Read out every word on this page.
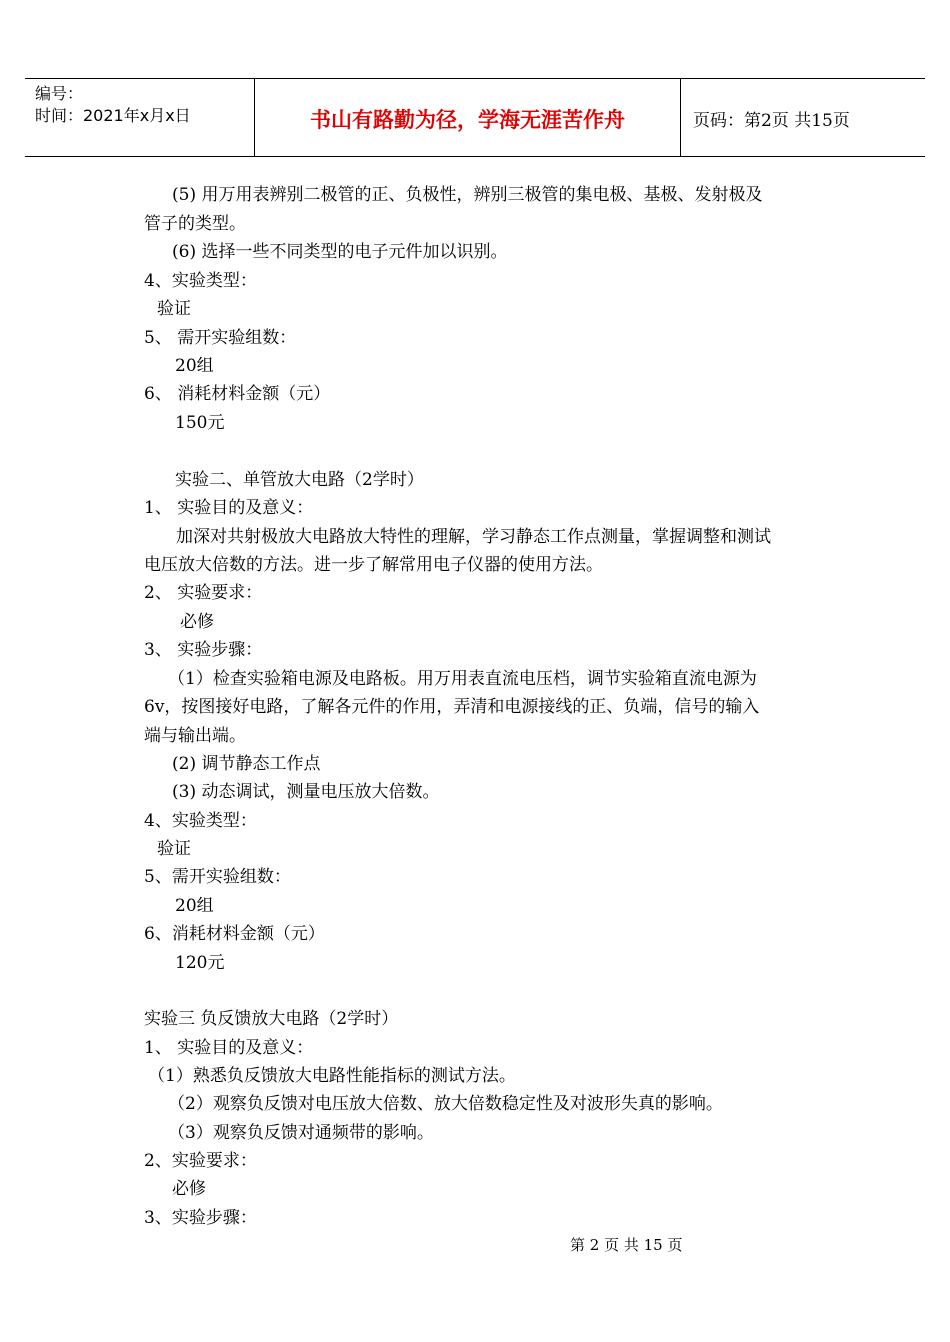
编号：
时间：2021年x月x日	书山有路勤为径，学海无涯苦作舟	页码：第2页 共15页
(5) 用万用表辨别二极管的正、负极性，辨别三极管的集电极、基极、发射极及
管子的类型。
(6) 选择一些不同类型的电子元件加以识别。
4、实验类型：
验证
5、 需开实验组数：
20组
6、 消耗材料金额（元）
150元
实验二、单管放大电路（2学时）
1、 实验目的及意义：
加深对共射极放大电路放大特性的理解，学习静态工作点测量，掌握调整和测试
电压放大倍数的方法。进一步了解常用电子仪器的使用方法。
2、 实验要求：
必修
3、 实验步骤：
（1）检查实验箱电源及电路板。用万用表直流电压档，调节实验箱直流电源为
6v，按图接好电路，了解各元件的作用，弄清和电源接线的正、负端，信号的输入
端与输出端。
(2) 调节静态工作点
(3) 动态调试，测量电压放大倍数。
4、实验类型：
验证
5、需开实验组数：
20组
6、消耗材料金额（元）
120元
实验三 负反馈放大电路（2学时）
1、 实验目的及意义：
（1）熟悉负反馈放大电路性能指标的测试方法。
（2）观察负反馈对电压放大倍数、放大倍数稳定性及对波形失真的影响。
（3）观察负反馈对通频带的影响。
2、实验要求：
必修
3、实验步骤：
第 2 页 共 15 页
